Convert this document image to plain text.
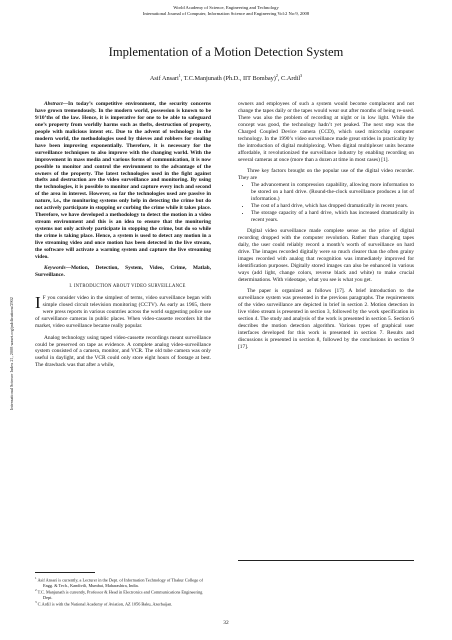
World Academy of Science, Engineering and Technology
International Journal of Computer, Information Science and Engineering Vol:2 No:9, 2008
International Science Index 21, 2008 waset.org/publications/2902
Implementation of a Motion Detection System
Asif Ansari$^1$, T.C.Manjunath (Ph.D., IIT Bombay)$^2$, C.Ardil$^3$

Abstract—In today’s competitive environment, the security concerns have grown tremendously. In the modern world, possession is known to be 9/10’ths of the law. Hence, it is imperative for one to be able to safeguard one’s property from worldly harms such as thefts, destruction of property, people with malicious intent etc. Due to the advent of technology in the modern world, the methodologies used by thieves and robbers for stealing have been improving exponentially. Therefore, it is necessary for the surveillance techniques to also improve with the changing world. With the improvement in mass media and various forms of communication, it is now possible to monitor and control the environment to the advantage of the owners of the property. The latest technologies used in the fight against thefts and destruction are the video surveillance and monitoring. By using the technologies, it is possible to monitor and capture every inch and second of the area in interest. However, so far the technologies used are passive in nature, i.e., the monitoring systems only help in detecting the crime but do not actively participate in stopping or curbing the crime while it takes place. Therefore, we have developed a methodology to detect the motion in a video stream environment and this is an idea to ensure that the monitoring systems not only actively participate in stopping the crime, but do so while the crime is taking place. Hence, a system is used to detect any motion in a live streaming video and once motion has been detected in the live stream, the software will activate a warning system and capture the live streaming video.

Keywords—Motion, Detection, System, Video, Crime, Matlab, Surveillance.

I. INTRODUCTION ABOUT VIDEO SURVEILLANCE

I F you consider video in the simplest of terms, video surveillance began with simple closed circuit television monitoring (CCTV). As early as 1965, there were press reports in various countries across the world suggesting police use of surveillance cameras in public places. When video-cassette recorders hit the market, video surveillance became really popular.

Analog technology using taped video-cassette recordings meant surveillance could be preserved on tape as evidence. A complete analog video-surveillance system consisted of a camera, monitor, and VCR. The old tube camera was only useful in daylight, and the VCR could only store eight hours of footage at best. The drawback was that after a while,

$^1$ Asif Ansari is currently, a Lecturer in the Dept. of Information Technology of Thakur College of Engg. & Tech., Kandivili, Mumbai, Maharashtra, India.

$^2$ T.C. Manjunath is currently, Professor & Head in Electronics and Communications Engineering Dept.

$^3$ C.Ardil is with the National Academy of Aviation, AZ 1056 Baku, Azerbaijan.

owners and employees of such a system would become complacent and not change the tapes daily or the tapes would wear out after months of being re-used. There was also the problem of recording at night or in low light. While the concept was good, the technology hadn’t yet peaked. The next step was the Charged Coupled Device camera (CCD), which used microchip computer technology. In the 1990’s video surveillance made great strides in practicality by the introduction of digital multiplexing. When digital multiplexer units became affordable, it revolutionized the surveillance industry by enabling recording on several cameras at once (more than a dozen at time in most cases) [1].

Three key factors brought on the popular use of the digital video recorder. They are

• The advancement in compression capability, allowing more information to be stored on a hard drive. (Round-the-clock surveillance produces a lot of information.)
• The cost of a hard drive, which has dropped dramatically in recent years.
• The storage capacity of a hard drive, which has increased dramatically in recent years.

Digital video surveillance made complete sense as the price of digital recording dropped with the computer revolution. Rather than changing tapes daily, the user could reliably record a month’s worth of surveillance on hard drive. The images recorded digitally were so much clearer than the often grainy images recorded with analog that recognition was immediately improved for identification purposes. Digitally stored images can also be enhanced in various ways (add light, change colors, reverse black and white) to make crucial determinations. With videotape, what you see is what you get.

The paper is organized as follows [17]. A brief introduction to the surveillance system was presented in the previous paragraphs. The requirements of the video surveillance are depicted in brief in section 2. Motion detection in live video stream is presented in section 3, followed by the work specification in section 4. The study and analysis of the work is presented in section 5. Section 6 describes the motion detection algorithm. Various types of graphical user interfaces developed for this work is presented in section 7. Results and discussions is presented in section 8, followed by the conclusions in section 9 [17].

32
